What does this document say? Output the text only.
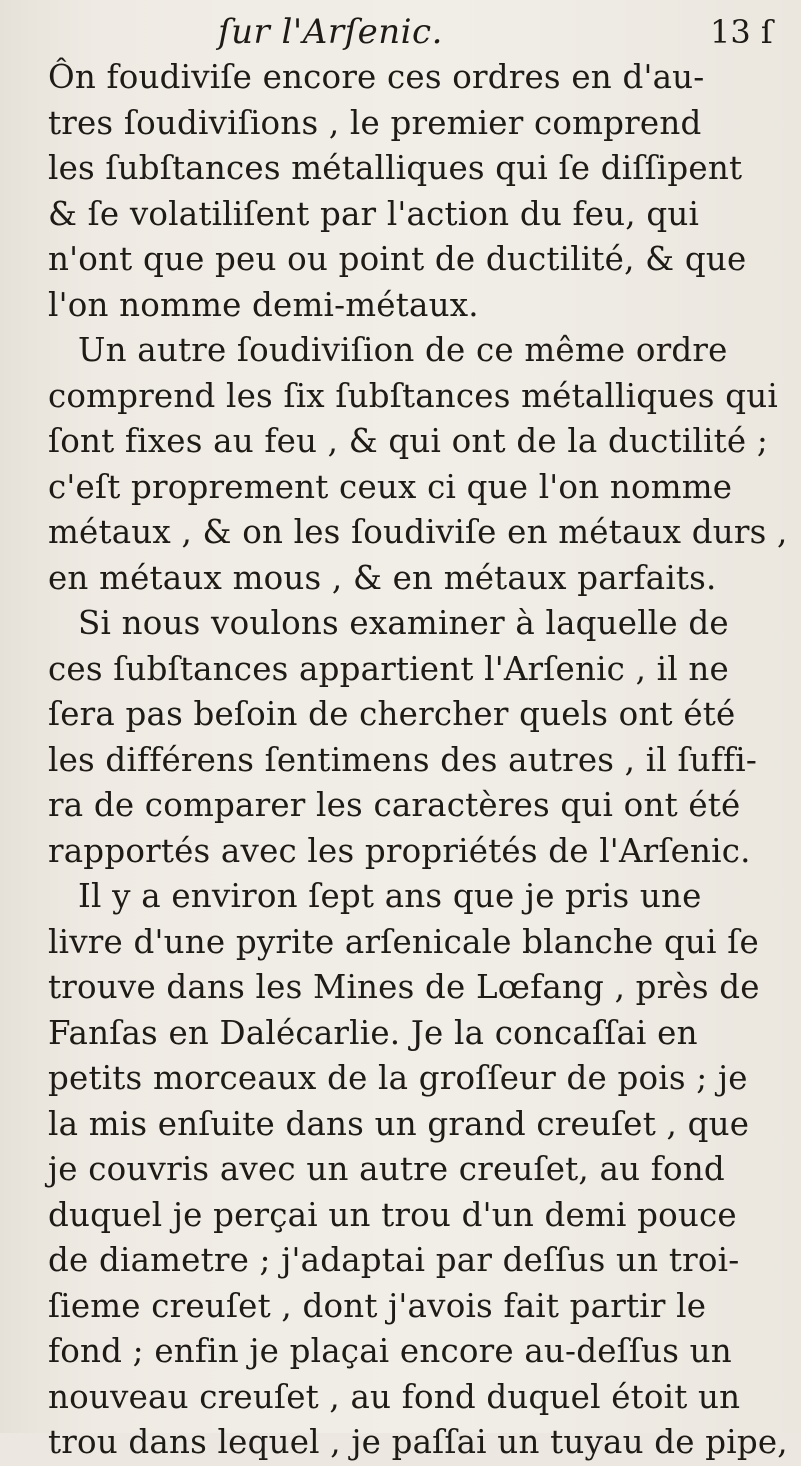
ſur l'Arſenic.	13 ſ
Ôn foudiviſe encore ces ordres en d'au-
tres ſoudiviſions , le premier comprend
les ſubſtances métalliques qui ſe diſſipent
& ſe volatiliſent par l'action du feu, qui
n'ont que peu ou point de ductilité, & que
l'on nomme demi-métaux.
Un autre ſoudiviſion de ce même ordre
comprend les ſix ſubſtances métalliques qui
ſont fixes au feu , & qui ont de la ductilité ;
c'eſt proprement ceux ci que l'on nomme
métaux , & on les ſoudiviſe en métaux durs ,
en métaux mous , & en métaux parfaits.
Si nous voulons examiner à laquelle de
ces ſubſtances appartient l'Arſenic , il ne
ſera pas beſoin de chercher quels ont été
les différens ſentimens des autres , il ſuffi-
ra de comparer les caractères qui ont été
rapportés avec les propriétés de l'Arſenic.
Il y a environ ſept ans que je pris une
livre d'une pyrite arſenicale blanche qui ſe
trouve dans les Mines de Lœfang , près de
Fanſas en Dalécarlie. Je la concaſſai en
petits morceaux de la groſſeur de pois ; je
la mis enſuite dans un grand creuſet , que
je couvris avec un autre creuſet, au fond
duquel je perçai un trou d'un demi pouce
de diametre ; j'adaptai par deſſus un troi-
ſieme creuſet , dont j'avois fait partir le
fond ; enfin je plaçai encore au-deſſus un
nouveau creuſet , au fond duquel étoit un
trou dans lequel , je paſſai un tuyau de pipe,
